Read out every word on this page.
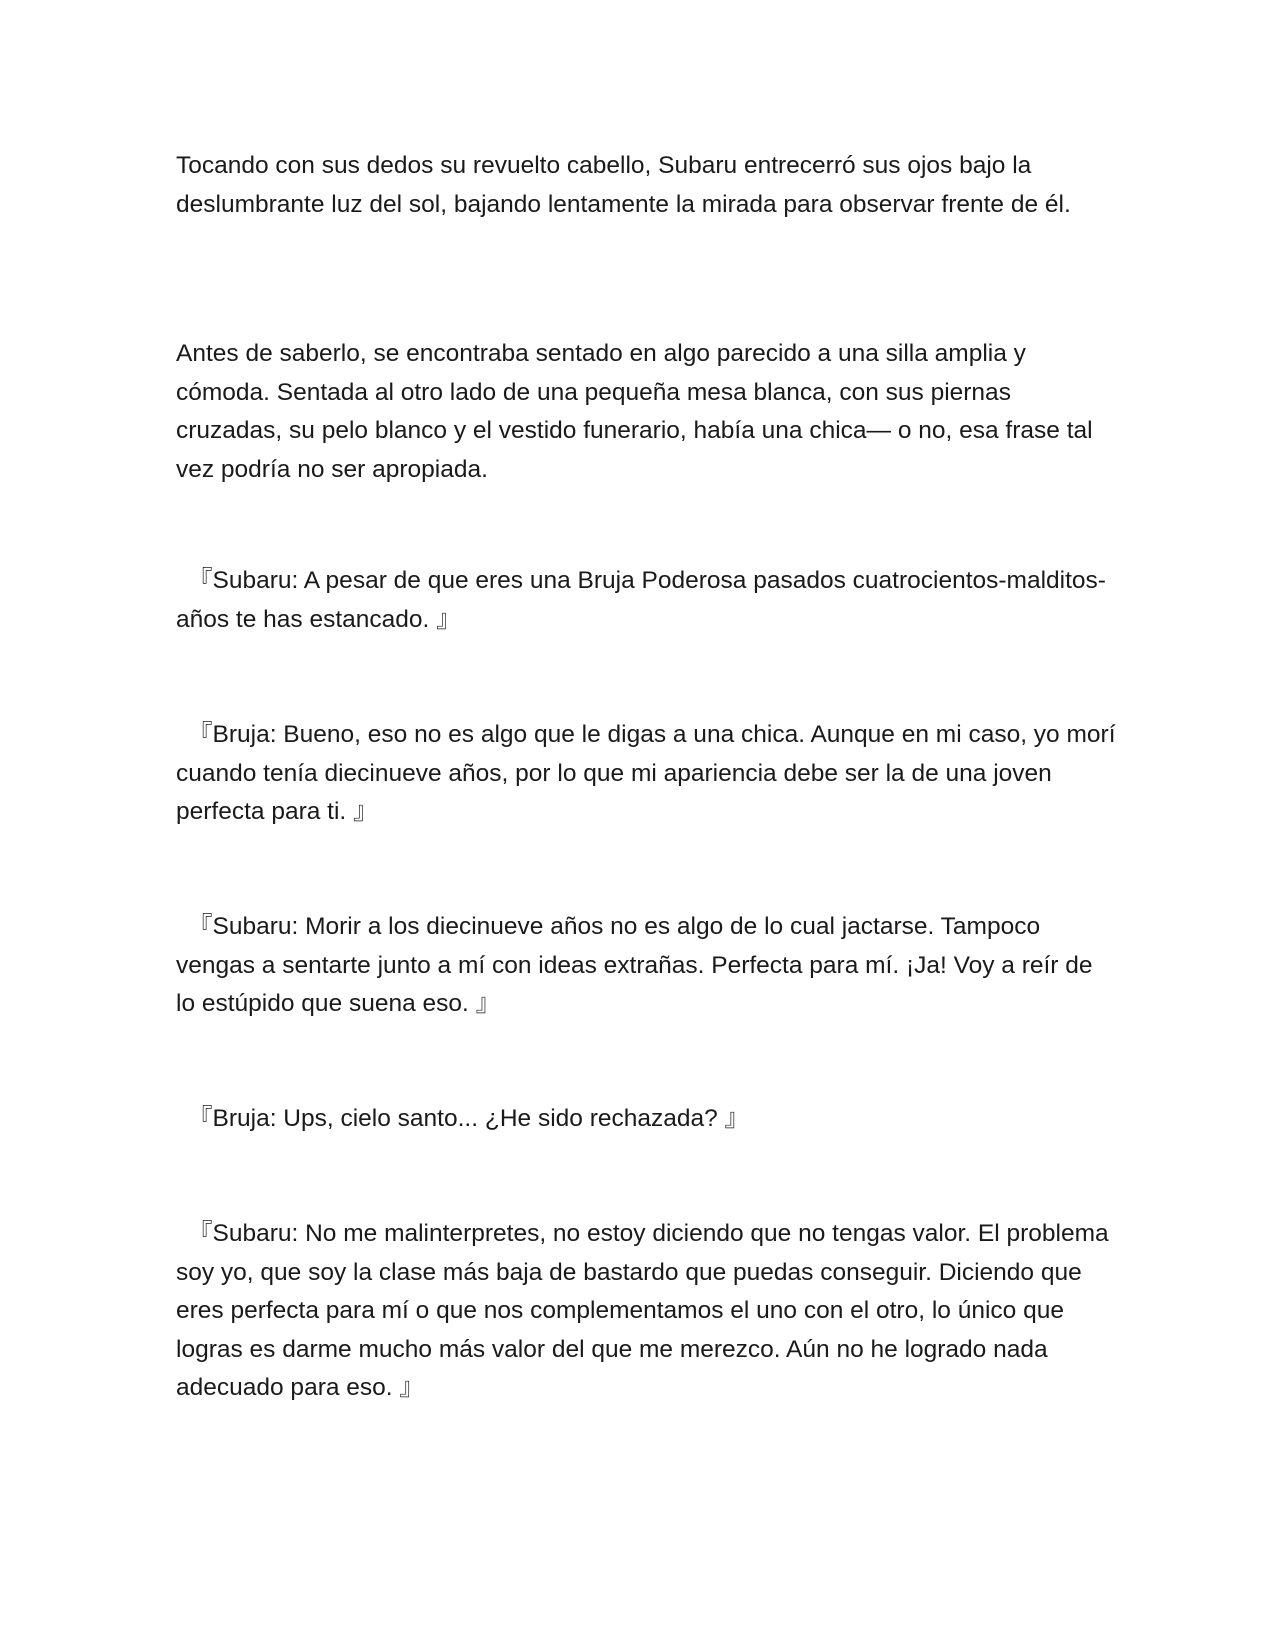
Tocando con sus dedos su revuelto cabello, Subaru entrecerró sus ojos bajo la deslumbrante luz del sol, bajando lentamente la mirada para observar frente de él.

Antes de saberlo, se encontraba sentado en algo parecido a una silla amplia y cómoda. Sentada al otro lado de una pequeña mesa blanca, con sus piernas cruzadas, su pelo blanco y el vestido funerario, había una chica— o no, esa frase tal vez podría no ser apropiada.

『Subaru: A pesar de que eres una Bruja Poderosa pasados cuatrocientos-malditos-años te has estancado. 』

『Bruja: Bueno, eso no es algo que le digas a una chica. Aunque en mi caso, yo morí cuando tenía diecinueve años, por lo que mi apariencia debe ser la de una joven perfecta para ti. 』

『Subaru: Morir a los diecinueve años no es algo de lo cual jactarse. Tampoco vengas a sentarte junto a mí con ideas extrañas. Perfecta para mí. ¡Ja! Voy a reír de lo estúpido que suena eso. 』

『Bruja: Ups, cielo santo... ¿He sido rechazada? 』

『Subaru: No me malinterpretes, no estoy diciendo que no tengas valor. El problema soy yo, que soy la clase más baja de bastardo que puedas conseguir. Diciendo que eres perfecta para mí o que nos complementamos el uno con el otro, lo único que logras es darme mucho más valor del que me merezco. Aún no he logrado nada adecuado para eso. 』
